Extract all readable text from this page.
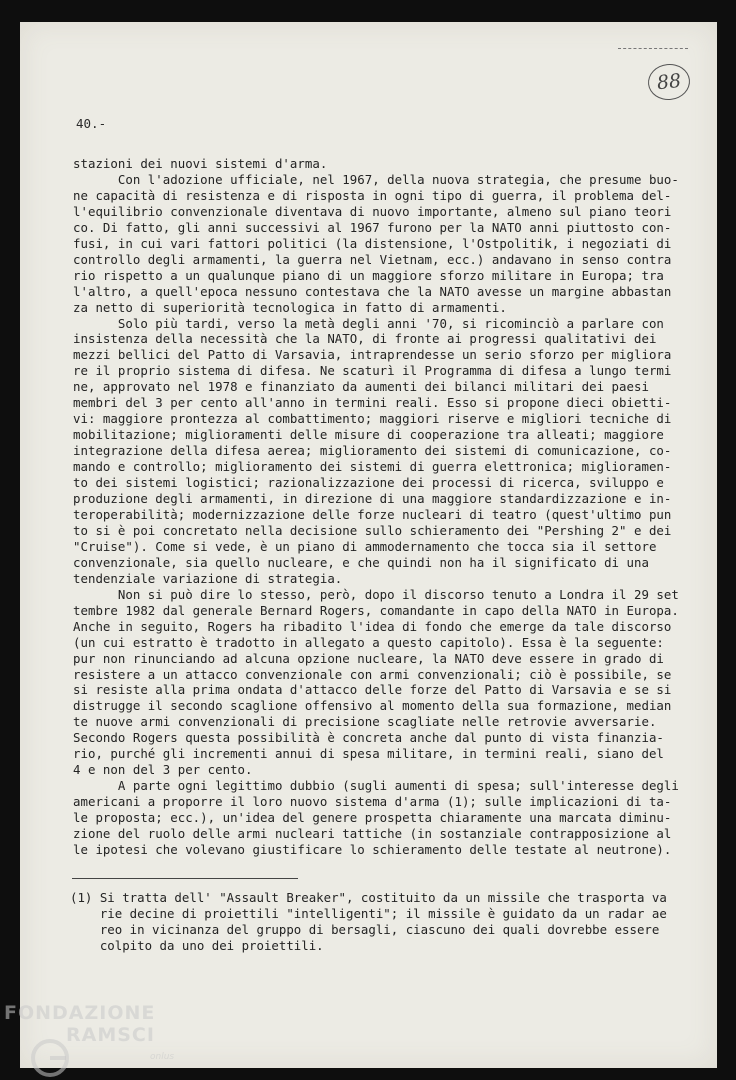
88
40.-
stazioni dei nuovi sistemi d'arma.
Con l'adozione ufficiale, nel 1967, della nuova strategia, che presume buo-
ne capacità di resistenza e di risposta in ogni tipo di guerra, il problema del-
l'equilibrio convenzionale diventava di nuovo importante, almeno sul piano teori
co. Di fatto, gli anni successivi al 1967 furono per la NATO anni piuttosto con-
fusi, in cui vari fattori politici (la distensione, l'Ostpolitik, i negoziati di
controllo degli armamenti, la guerra nel Vietnam, ecc.) andavano in senso contra
rio rispetto a un qualunque piano di un maggiore sforzo militare in Europa; tra
l'altro, a quell'epoca nessuno contestava che la NATO avesse un margine abbastan
za netto di superiorità tecnologica in fatto di armamenti.
Solo più tardi, verso la metà degli anni '70, si ricominciò a parlare con
insistenza della necessità che la NATO, di fronte ai progressi qualitativi dei
mezzi bellici del Patto di Varsavia, intraprendesse un serio sforzo per migliora
re il proprio sistema di difesa. Ne scaturì il Programma di difesa a lungo termi
ne, approvato nel 1978 e finanziato da aumenti dei bilanci militari dei paesi
membri del 3 per cento all'anno in termini reali. Esso si propone dieci obietti-
vi: maggiore prontezza al combattimento; maggiori riserve e migliori tecniche di
mobilitazione; miglioramenti delle misure di cooperazione tra alleati; maggiore
integrazione della difesa aerea; miglioramento dei sistemi di comunicazione, co-
mando e controllo; miglioramento dei sistemi di guerra elettronica; miglioramen-
to dei sistemi logistici; razionalizzazione dei processi di ricerca, sviluppo e
produzione degli armamenti, in direzione di una maggiore standardizzazione e in-
teroperabilità; modernizzazione delle forze nucleari di teatro (quest'ultimo pun
to si è poi concretato nella decisione sullo schieramento dei "Pershing 2" e dei
"Cruise"). Come si vede, è un piano di ammodernamento che tocca sia il settore
convenzionale, sia quello nucleare, e che quindi non ha il significato di una
tendenziale variazione di strategia.
Non si può dire lo stesso, però, dopo il discorso tenuto a Londra il 29 set
tembre 1982 dal generale Bernard Rogers, comandante in capo della NATO in Europa.
Anche in seguito, Rogers ha ribadito l'idea di fondo che emerge da tale discorso
(un cui estratto è tradotto in allegato a questo capitolo). Essa è la seguente:
pur non rinunciando ad alcuna opzione nucleare, la NATO deve essere in grado di
resistere a un attacco convenzionale con armi convenzionali; ciò è possibile, se
si resiste alla prima ondata d'attacco delle forze del Patto di Varsavia e se si
distrugge il secondo scaglione offensivo al momento della sua formazione, median
te nuove armi convenzionali di precisione scagliate nelle retrovie avversarie.
Secondo Rogers questa possibilità è concreta anche dal punto di vista finanzia-
rio, purché gli incrementi annui di spesa militare, in termini reali, siano del
4 e non del 3 per cento.
A parte ogni legittimo dubbio (sugli aumenti di spesa; sull'interesse degli
americani a proporre il loro nuovo sistema d'arma (1); sulle implicazioni di ta-
le proposta; ecc.), un'idea del genere prospetta chiaramente una marcata diminu-
zione del ruolo delle armi nucleari tattiche (in sostanziale contrapposizione al
le ipotesi che volevano giustificare lo schieramento delle testate al neutrone).
(1) Si tratta dell' "Assault Breaker", costituito da un missile che trasporta va
rie decine di proiettili "intelligenti"; il missile è guidato da un radar ae
reo in vicinanza del gruppo di bersagli, ciascuno dei quali dovrebbe essere
colpito da uno dei proiettili.
FONDAZIONE
RAMSCI
onlus
